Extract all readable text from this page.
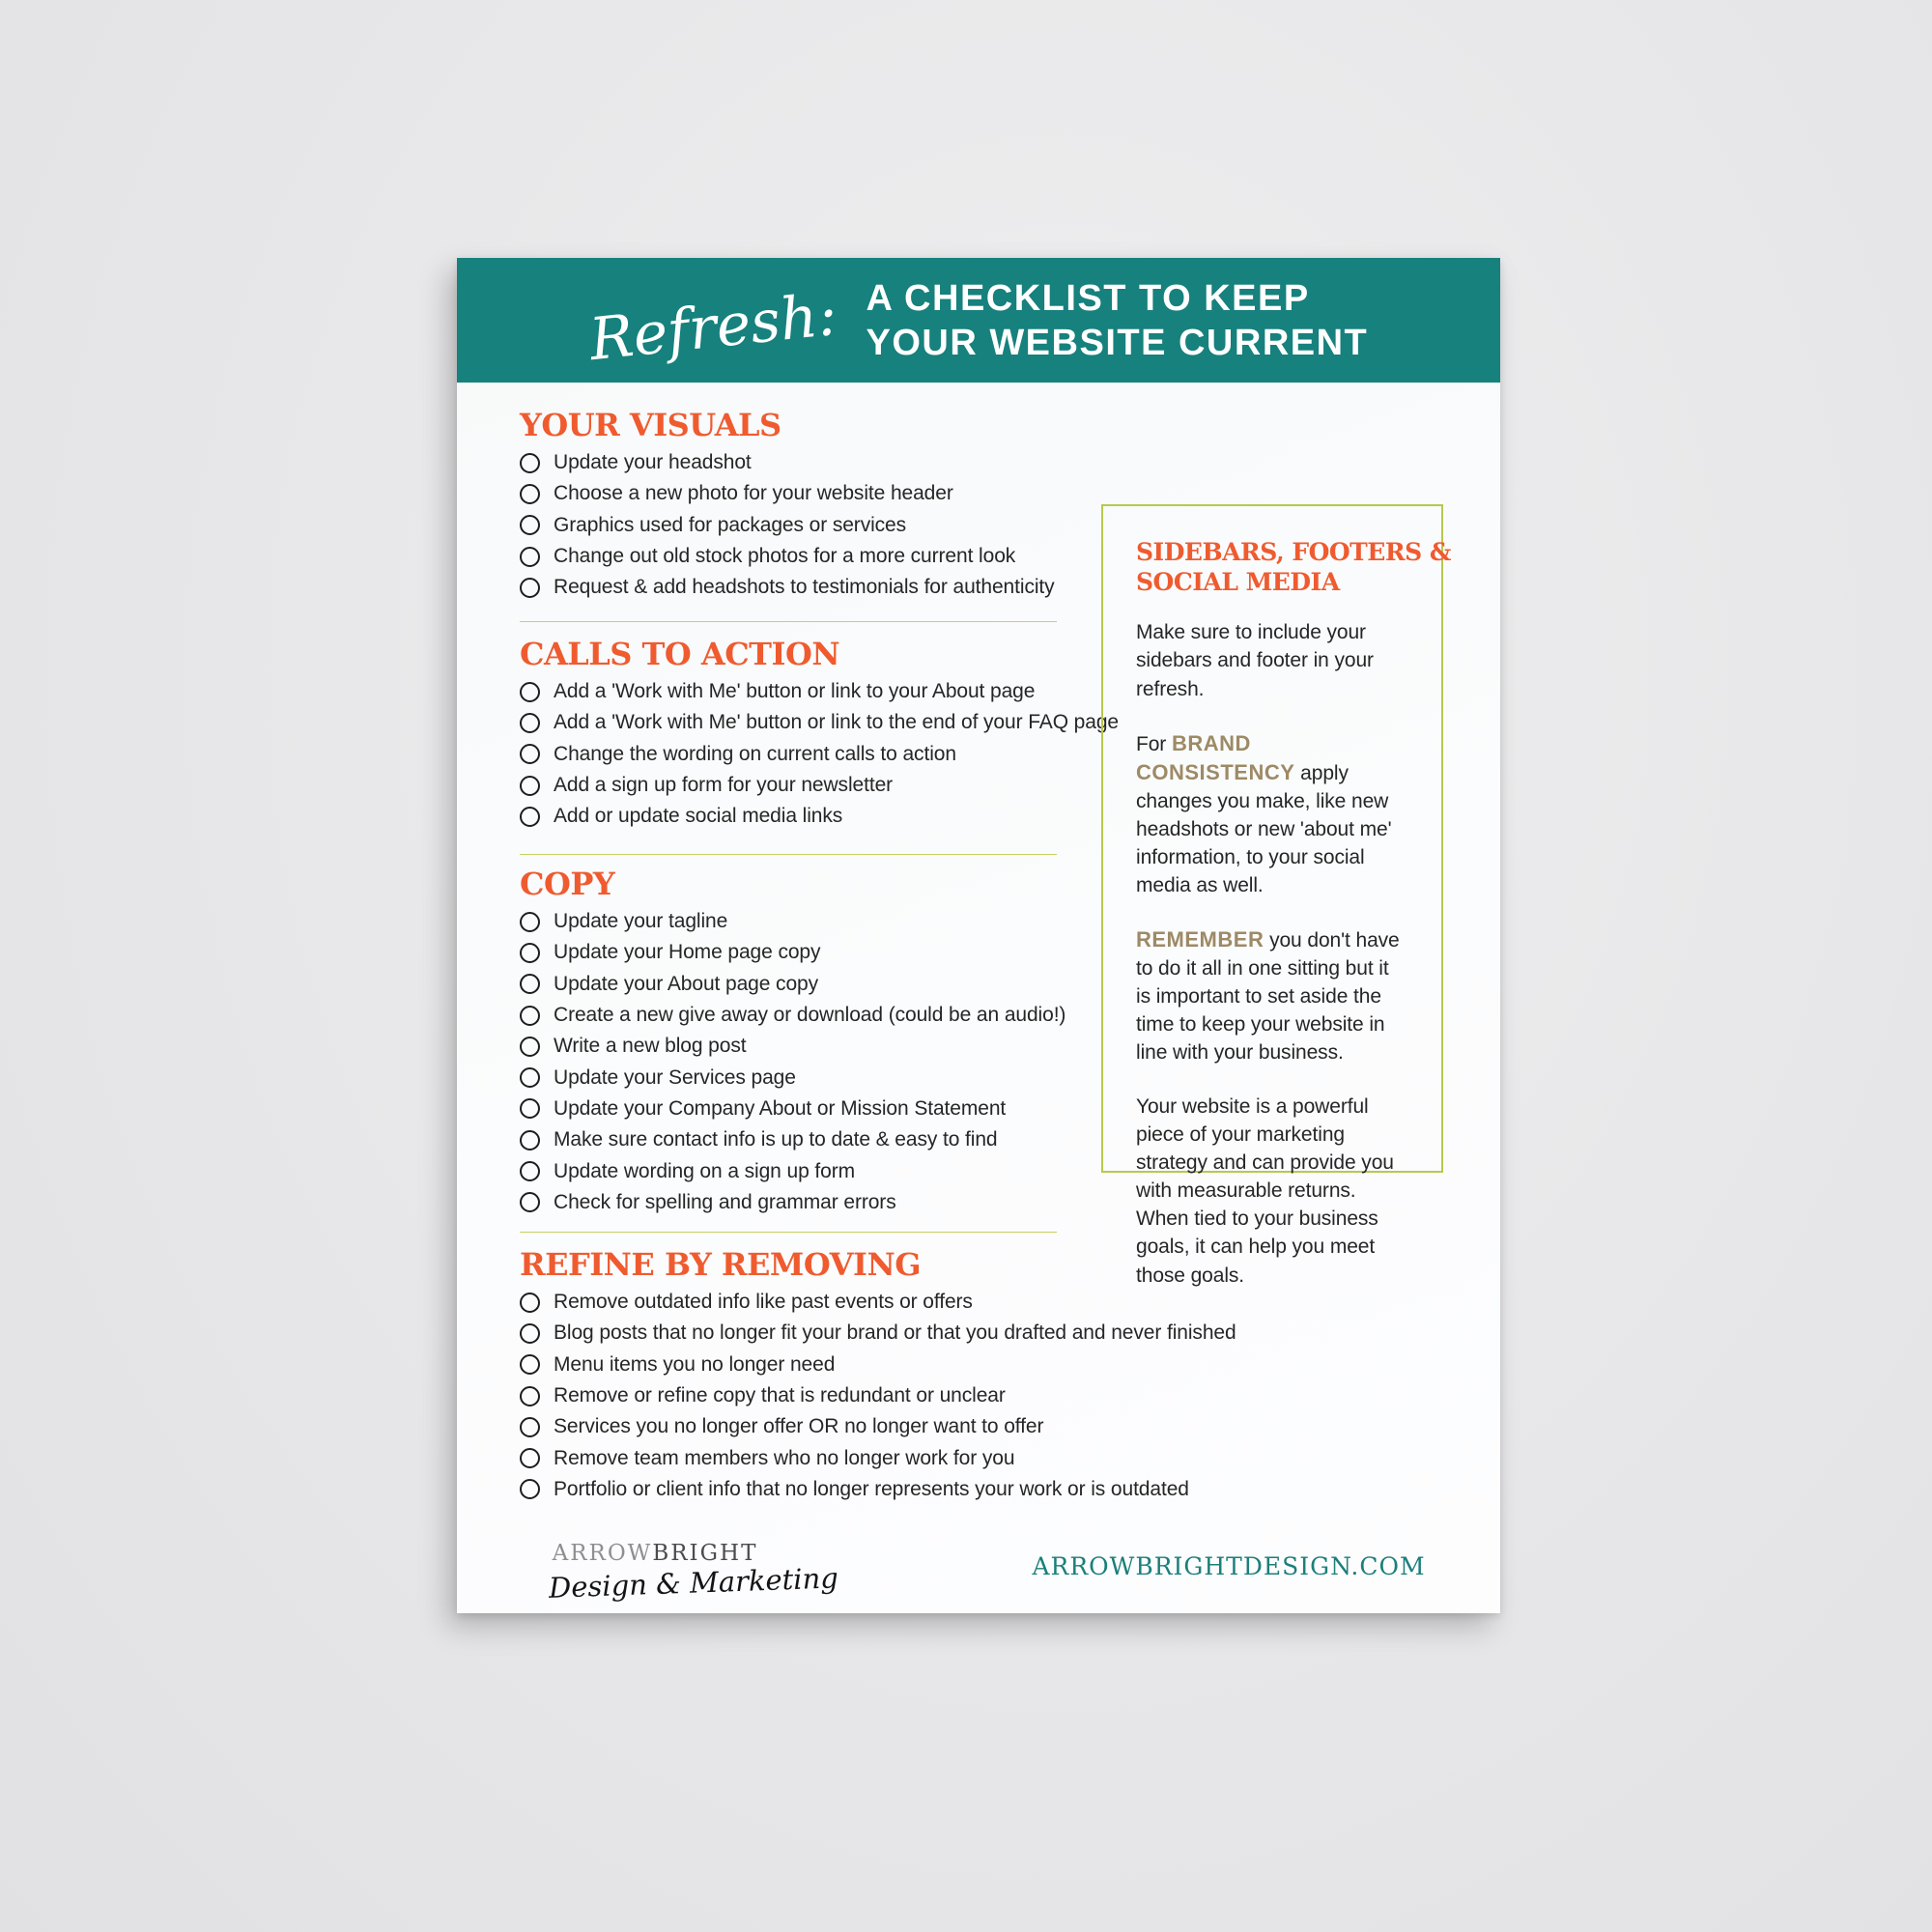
Refresh: A CHECKLIST TO KEEP
YOUR WEBSITE CURRENT
YOUR VISUALS
Update your headshot
Choose a new photo for your website header
Graphics used for packages or services
Change out old stock photos for a more current look
Request & add headshots to testimonials for authenticity
CALLS TO ACTION
Add a 'Work with Me' button or link to your About page
Add a 'Work with Me' button or link to the end of your FAQ page
Change the wording on current calls to action
Add a sign up form for your newsletter
Add or update social media links
COPY
Update your tagline
Update your Home page copy
Update your About page copy
Create a new give away or download (could be an audio!)
Write a new blog post
Update your Services page
Update your Company About or Mission Statement
Make sure contact info is up to date & easy to find
Update wording on a sign up form
Check for spelling and grammar errors
REFINE BY REMOVING
Remove outdated info like past events or offers
Blog posts that no longer fit your brand or that you drafted and never finished
Menu items you no longer need
Remove or refine copy that is redundant or unclear
Services you no longer offer OR no longer want to offer
Remove team members who no longer work for you
Portfolio or client info that no longer represents your work or is outdated
SIDEBARS, FOOTERS &
SOCIAL MEDIA

Make sure to include your sidebars and footer in your refresh.

For BRAND CONSISTENCY apply changes you make, like new headshots or new 'about me' information, to your social media as well.

REMEMBER you don't have to do it all in one sitting but it is important to set aside the time to keep your website in line with your business.

Your website is a powerful piece of your marketing strategy and can provide you with measurable returns. When tied to your business goals, it can help you meet those goals.

ARROWBRIGHT
Design & Marketing	ARROWBRIGHTDESIGN.COM
